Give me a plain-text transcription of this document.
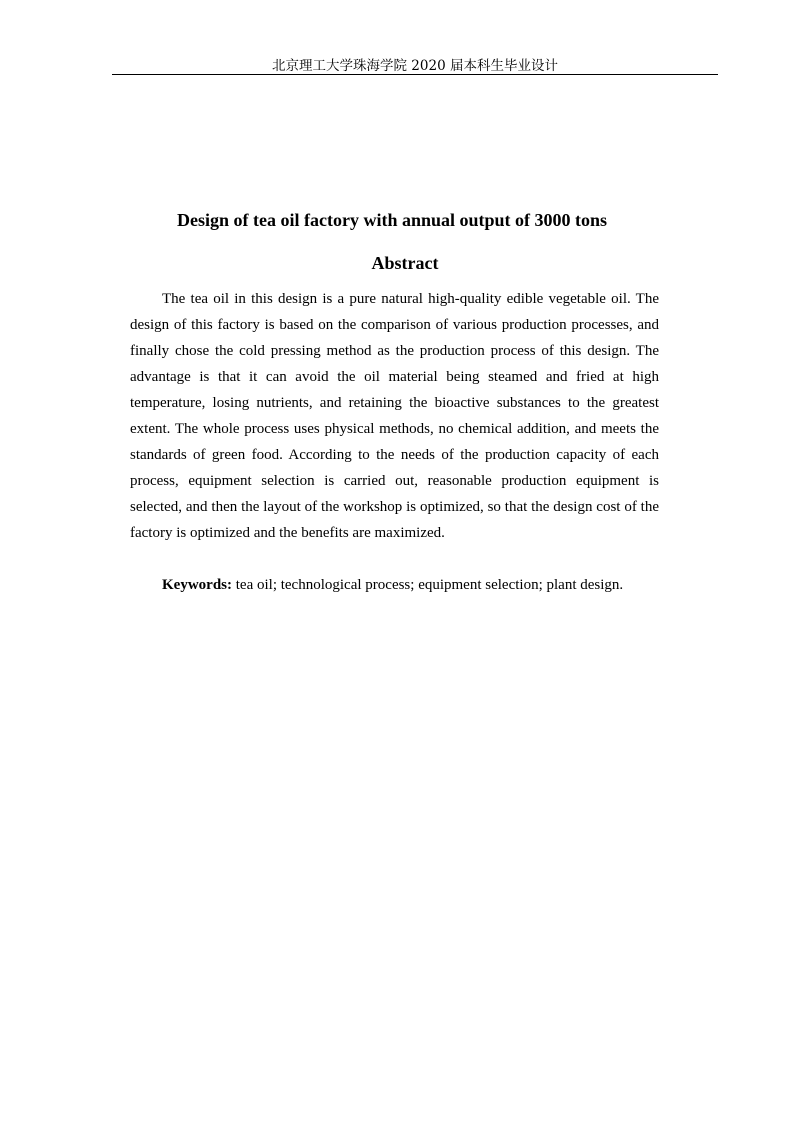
北京理工大学珠海学院 2020 届本科生毕业设计
Design of tea oil factory with annual output of 3000 tons
Abstract

The tea oil in this design is a pure natural high-quality edible vegetable oil. The design of this factory is based on the comparison of various production processes, and finally chose the cold pressing method as the production process of this design. The advantage is that it can avoid the oil material being steamed and fried at high temperature, losing nutrients, and retaining the bioactive substances to the greatest extent. The whole process uses physical methods, no chemical addition, and meets the standards of green food. According to the needs of the production capacity of each process, equipment selection is carried out, reasonable production equipment is selected, and then the layout of the workshop is optimized, so that the design cost of the factory is optimized and the benefits are maximized.

Keywords: tea oil; technological process; equipment selection; plant design.
